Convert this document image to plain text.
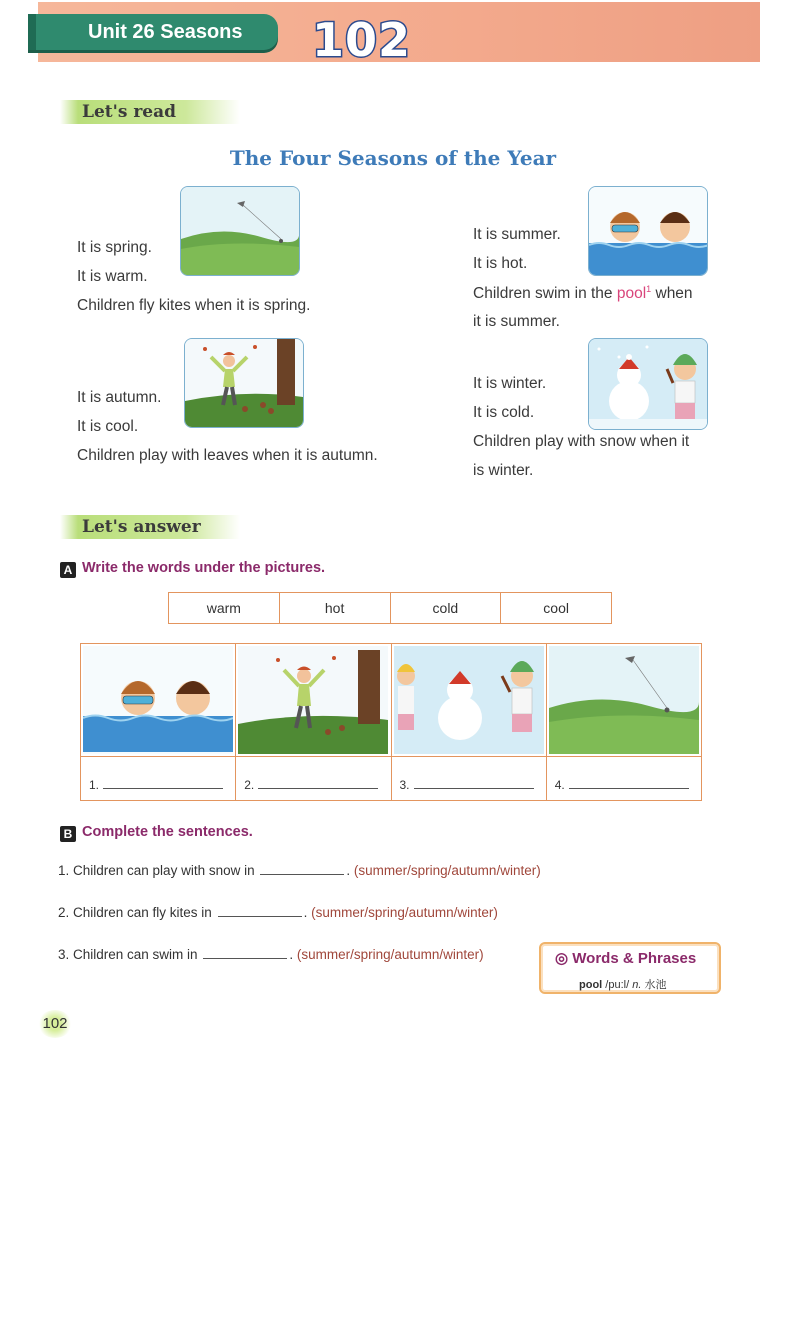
Unit 26 Seasons	102
Let's read
The Four Seasons of the Year
It is spring.
It is warm.
Children fly kites when it is spring.
It is autumn.
It is cool.
Children play with leaves when it is autumn.
It is summer.
It is hot.
Children swim in the pool$^1$ when
it is summer.
It is winter.
It is cold.
Children play with snow when it
is winter.
Let's answer
A Write the words under the pictures.
warm	hot	cold	cool
1.	2.	3.	4.
B Complete the sentences.
1. Children can play with snow in	. (summer/spring/autumn/winter)
2. Children can fly kites in	. (summer/spring/autumn/winter)
3. Children can swim in	. (summer/spring/autumn/winter)	◎ Words & Phrases
pool /pu:l/ n. 水池
102
